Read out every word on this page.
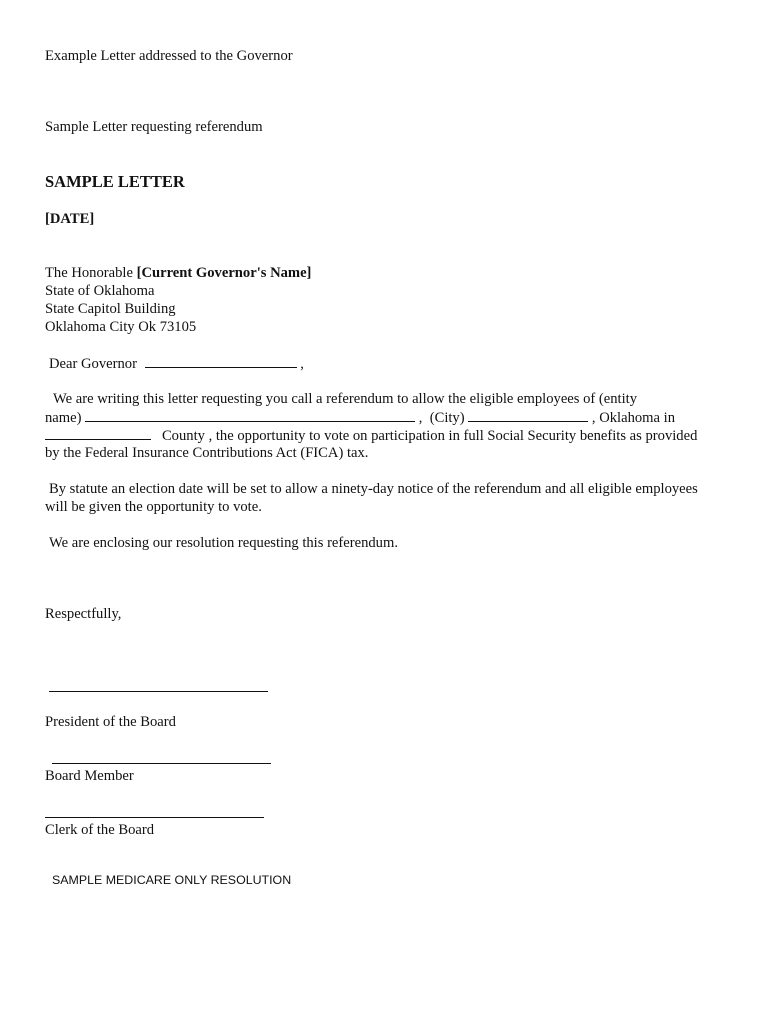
Example Letter addressed to the Governor
Sample Letter requesting referendum
SAMPLE LETTER
[DATE]
The Honorable [Current Governor's Name]
State of Oklahoma
State Capitol Building
Oklahoma City Ok 73105
Dear Governor	,
We are writing this letter requesting you call a referendum to allow the eligible employees of (entity
name)	, (City)	, Oklahoma in
County , the opportunity to vote on participation in full Social Security benefits as provided
by the Federal Insurance Contributions Act (FICA) tax.
By statute an election date will be set to allow a ninety-day notice of the referendum and all eligible employees
will be given the opportunity to vote.
We are enclosing our resolution requesting this referendum.
Respectfully,
President of the Board
Board Member
Clerk of the Board
SAMPLE MEDICARE ONLY RESOLUTION
